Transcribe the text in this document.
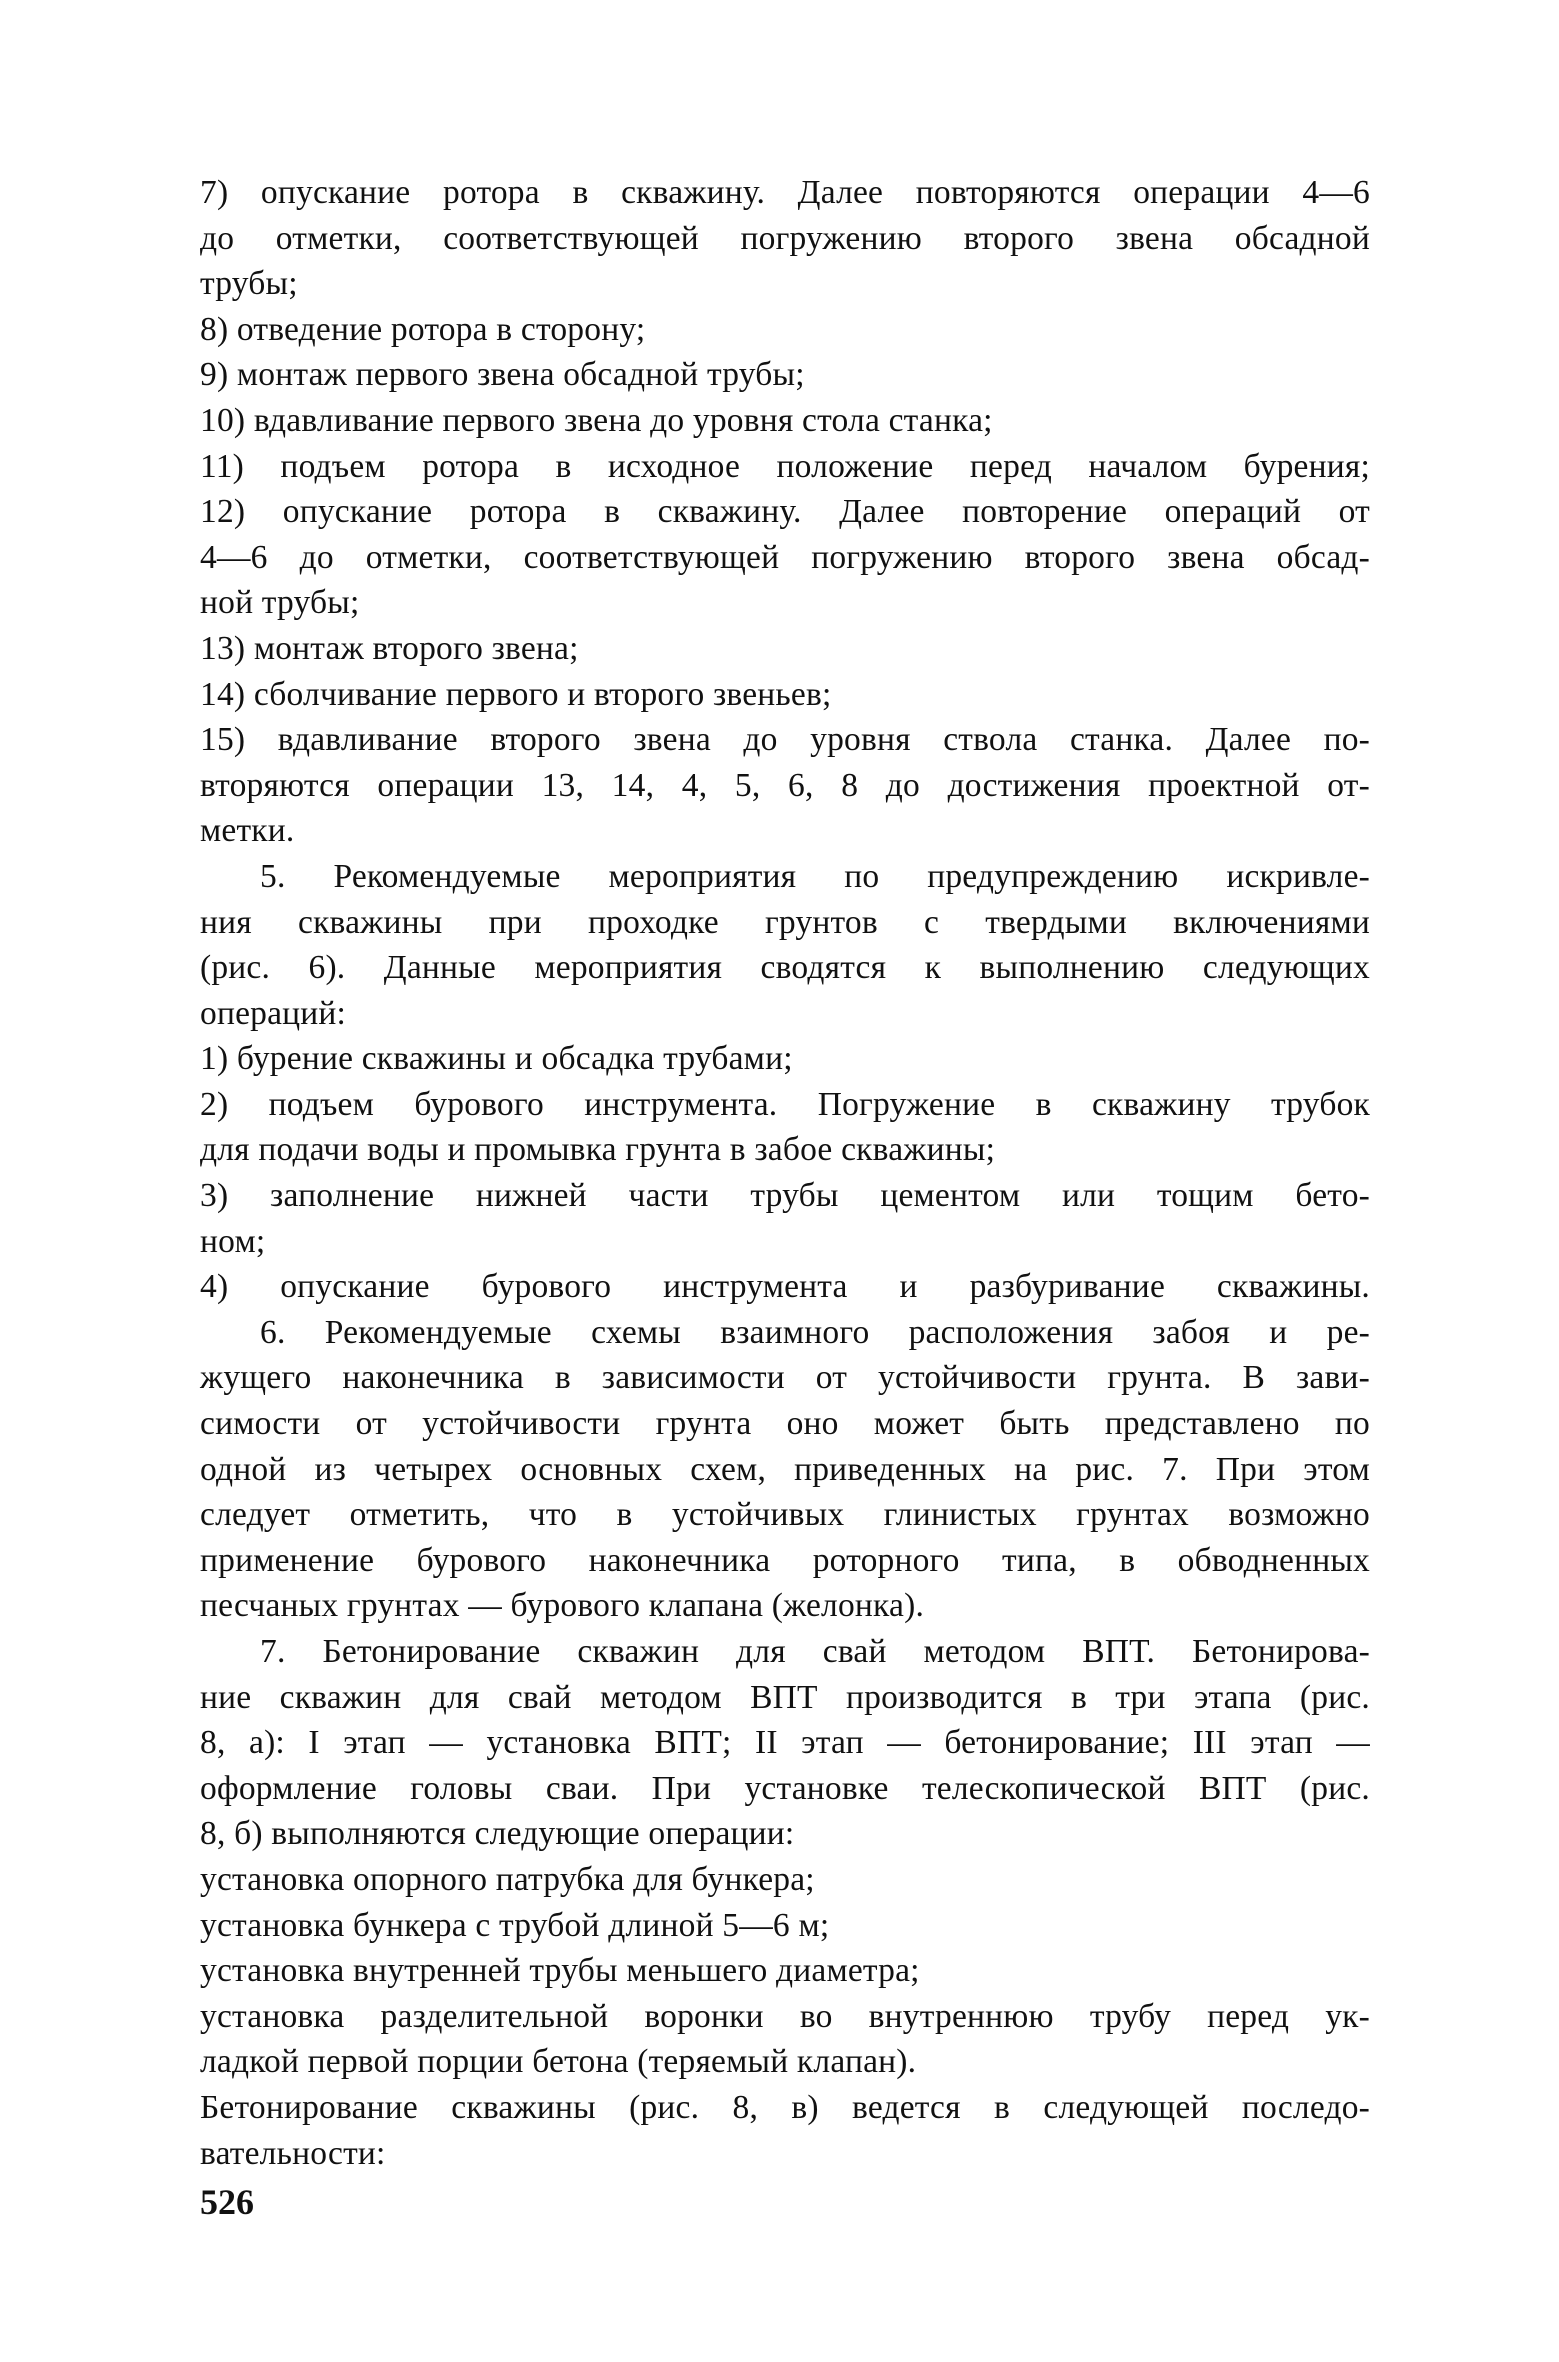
7) опускание ротора в скважину. Далее повторяются операции 4—6
до отметки, соответствующей погружению второго звена обсадной
трубы;
8) отведение ротора в сторону;
9) монтаж первого звена обсадной трубы;
10) вдавливание первого звена до уровня стола станка;
11) подъем ротора в исходное положение перед началом бурения;
12) опускание ротора в скважину. Далее повторение операций от
4—6 до отметки, соответствующей погружению второго звена обсад-
ной трубы;
13) монтаж второго звена;
14) сболчивание первого и второго звеньев;
15) вдавливание второго звена до уровня ствола станка. Далее по-
вторяются операции 13, 14, 4, 5, 6, 8 до достижения проектной от-
метки.
5. Рекомендуемые мероприятия по предупреждению искривле-
ния скважины при проходке грунтов с твердыми включениями
(рис. 6). Данные мероприятия сводятся к выполнению следующих
операций:
1) бурение скважины и обсадка трубами;
2) подъем бурового инструмента. Погружение в скважину трубок
для подачи воды и промывка грунта в забое скважины;
3) заполнение нижней части трубы цементом или тощим бето-
ном;
4) опускание бурового инструмента и разбуривание скважины.
6. Рекомендуемые схемы взаимного расположения забоя и ре-
жущего наконечника в зависимости от устойчивости грунта. В зави-
симости от устойчивости грунта оно может быть представлено по
одной из четырех основных схем, приведенных на рис. 7. При этом
следует отметить, что в устойчивых глинистых грунтах возможно
применение бурового наконечника роторного типа, в обводненных
песчаных грунтах — бурового клапана (желонка).
7. Бетонирование скважин для свай методом ВПТ. Бетонирова-
ние скважин для свай методом ВПТ производится в три этапа (рис.
8, а): I этап — установка ВПТ; II этап — бетонирование; III этап —
оформление головы сваи. При установке телескопической ВПТ (рис.
8, б) выполняются следующие операции:
установка опорного патрубка для бункера;
установка бункера с трубой длиной 5—6 м;
установка внутренней трубы меньшего диаметра;
установка разделительной воронки во внутреннюю трубу перед ук-
ладкой первой порции бетона (теряемый клапан).
Бетонирование скважины (рис. 8, в) ведется в следующей последо-
вательности:
526
